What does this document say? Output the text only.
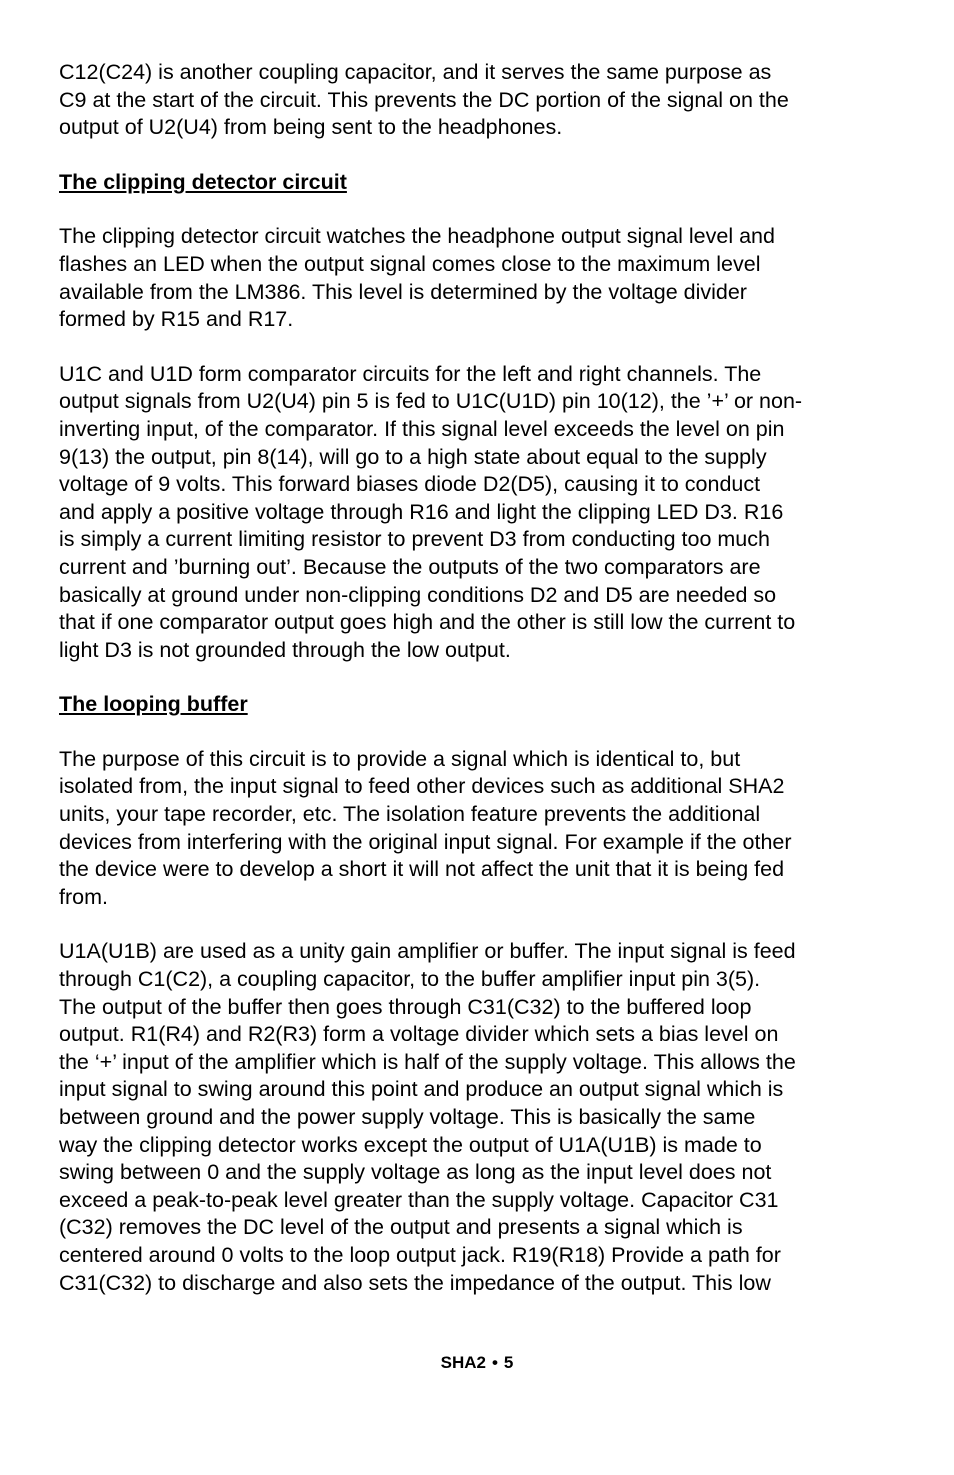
C12(C24) is another coupling capacitor, and it serves the same purpose as
C9 at the start of the circuit. This prevents the DC portion of the signal on the
output of U2(U4) from being sent to the headphones.

The clipping detector circuit

The clipping detector circuit watches the headphone output signal level and
flashes an LED when the output signal comes close to the maximum level
available from the LM386. This level is determined by the voltage divider
formed by R15 and R17.

U1C and U1D form comparator circuits for the left and right channels. The
output signals from U2(U4) pin 5 is fed to U1C(U1D) pin 10(12), the ’+’ or non-
inverting input, of the comparator. If this signal level exceeds the level on pin
9(13) the output, pin 8(14), will go to a high state about equal to the supply
voltage of 9 volts. This forward biases diode D2(D5), causing it to conduct
and apply a positive voltage through R16 and light the clipping LED D3. R16
is simply a current limiting resistor to prevent D3 from conducting too much
current and ’burning out’. Because the outputs of the two comparators are
basically at ground under non-clipping conditions D2 and D5 are needed so
that if one comparator output goes high and the other is still low the current to
light D3 is not grounded through the low output.

The looping buffer

The purpose of this circuit is to provide a signal which is identical to, but
isolated from, the input signal to feed other devices such as additional SHA2
units, your tape recorder, etc. The isolation feature prevents the additional
devices from interfering with the original input signal. For example if the other
the device were to develop a short it will not affect the unit that it is being fed
from.

U1A(U1B) are used as a unity gain amplifier or buffer. The input signal is feed
through C1(C2), a coupling capacitor, to the buffer amplifier input pin 3(5).
The output of the buffer then goes through C31(C32) to the buffered loop
output. R1(R4) and R2(R3) form a voltage divider which sets a bias level on
the ‘+’ input of the amplifier which is half of the supply voltage. This allows the
input signal to swing around this point and produce an output signal which is
between ground and the power supply voltage. This is basically the same
way the clipping detector works except the output of U1A(U1B) is made to
swing between 0 and the supply voltage as long as the input level does not
exceed a peak-to-peak level greater than the supply voltage. Capacitor C31
(C32) removes the DC level of the output and presents a signal which is
centered around 0 volts to the loop output jack. R19(R18) Provide a path for
C31(C32) to discharge and also sets the impedance of the output. This low

SHA2 • 5
